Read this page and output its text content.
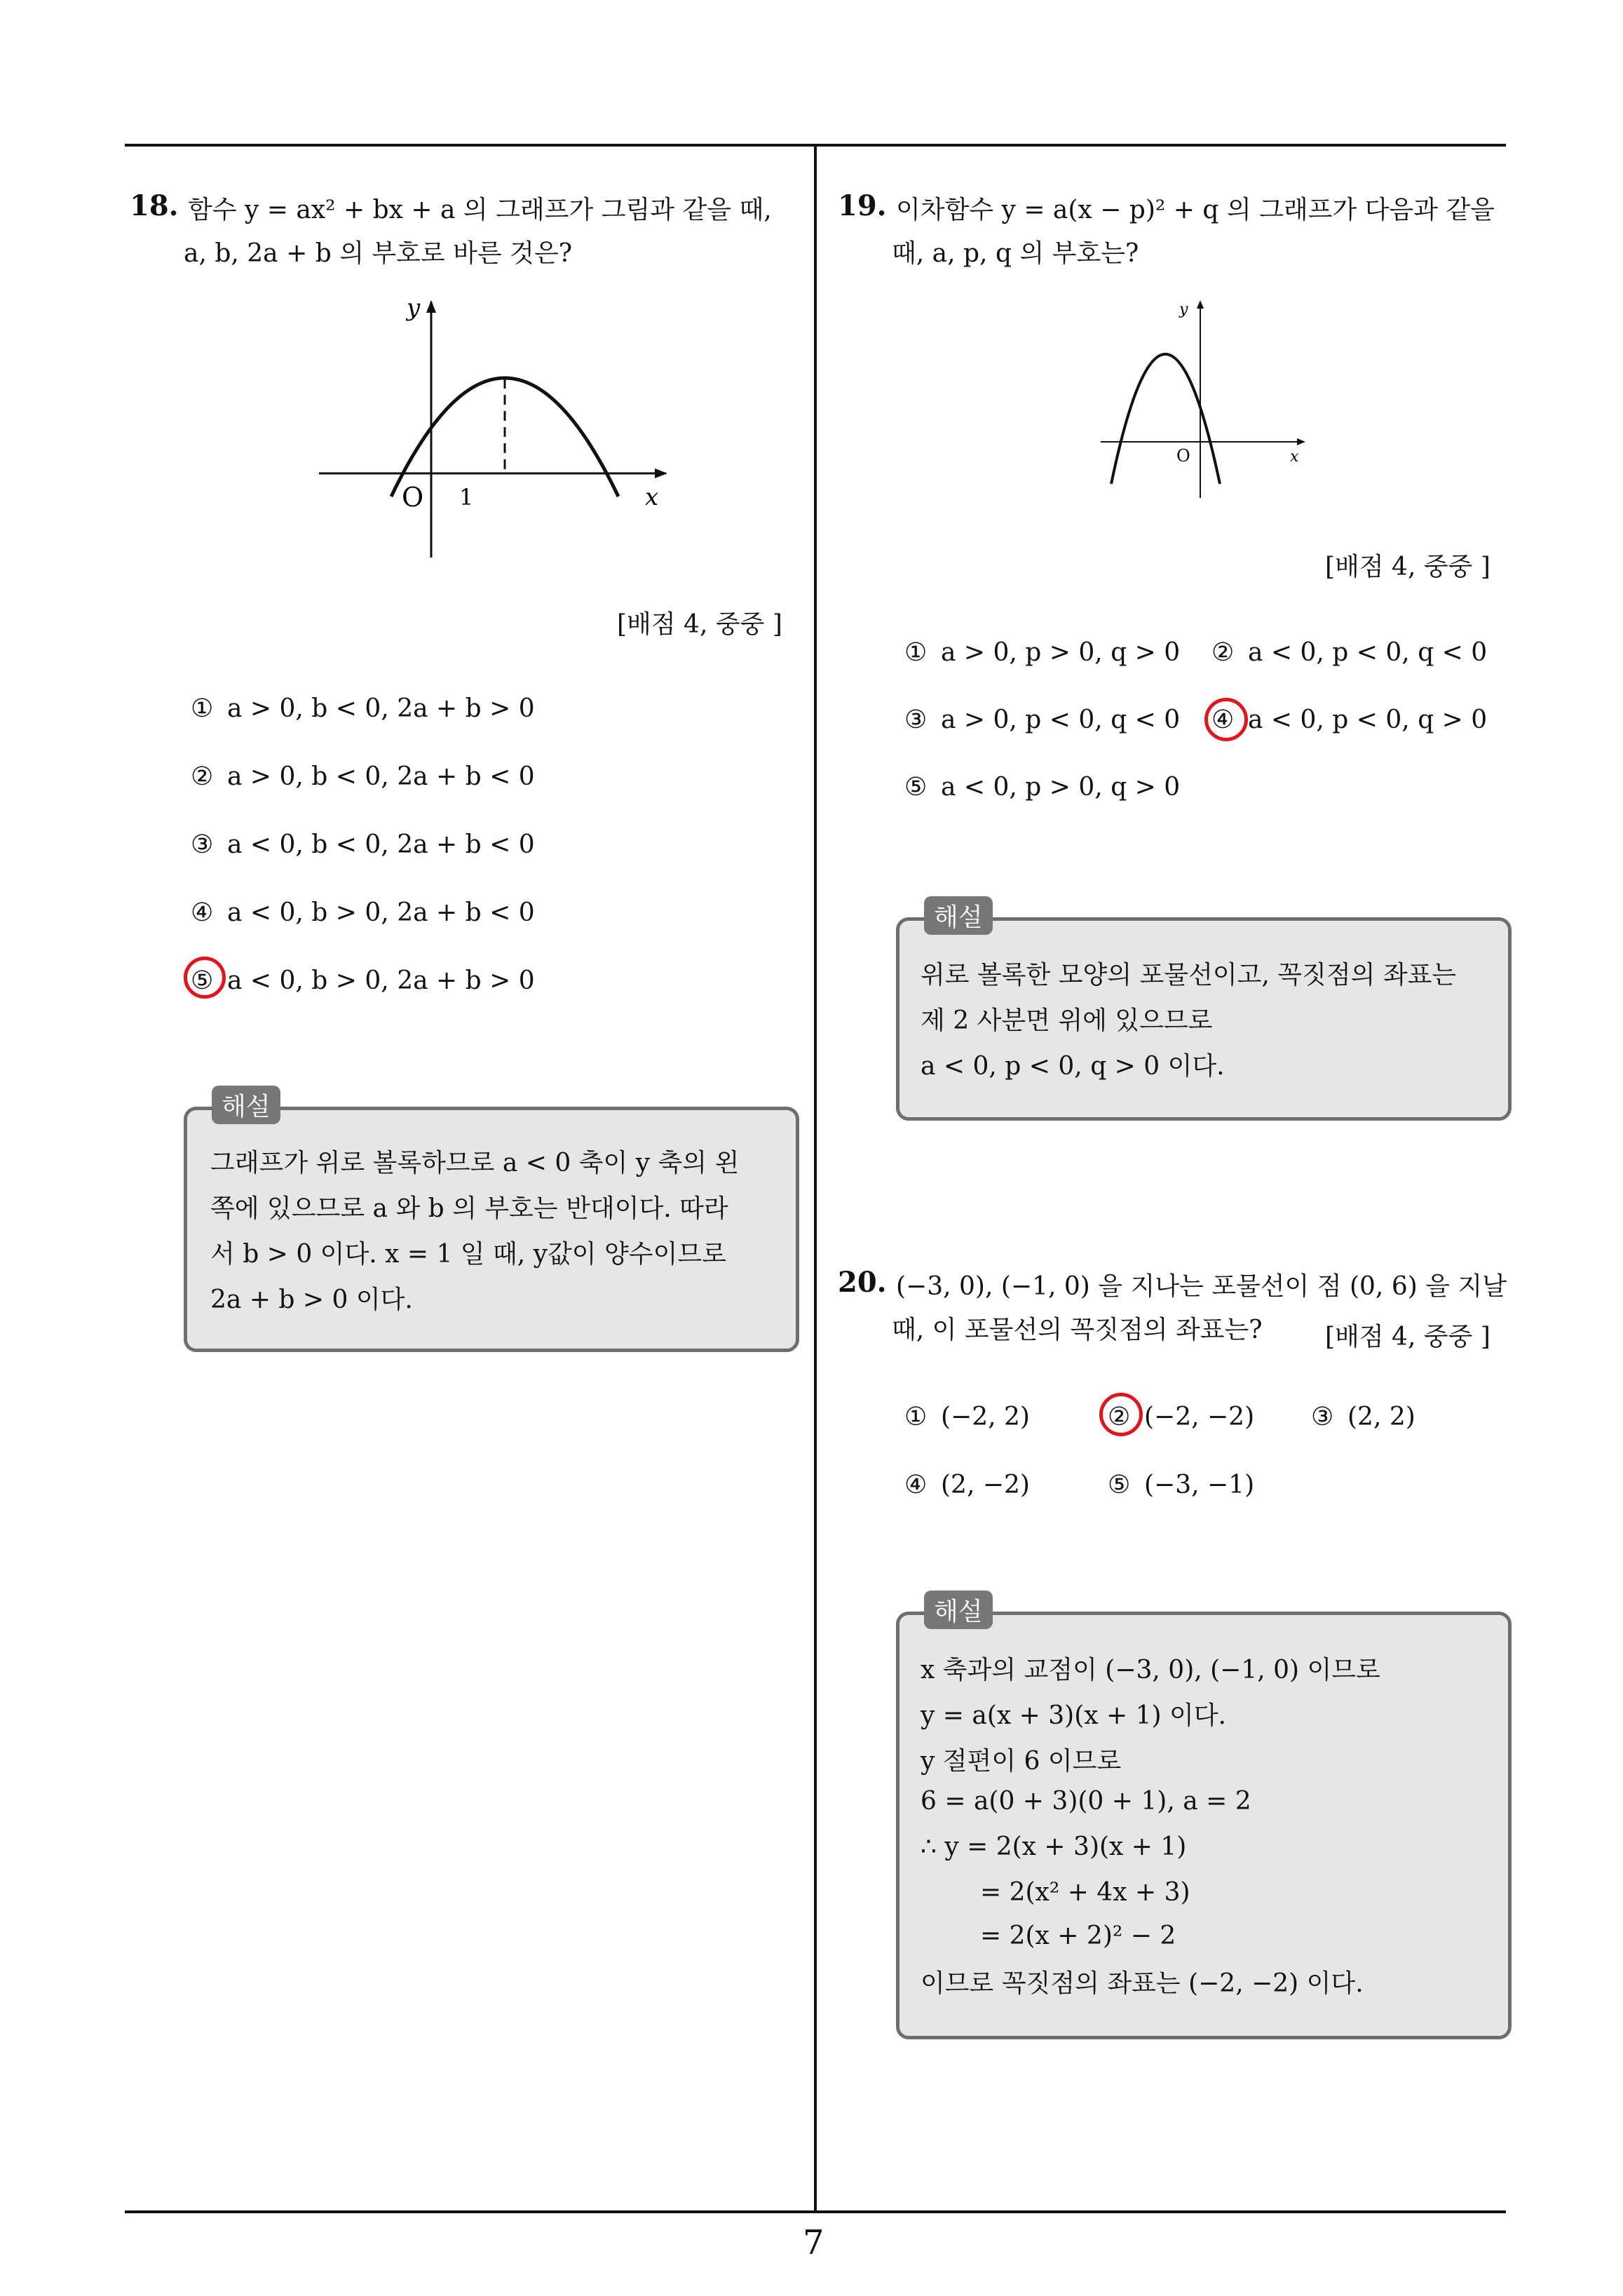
7
18. 함수 y = ax² + bx + a 의 그래프가 그림과 같을 때,
a, b, 2a + b 의 부호로 바른 것은?
y
x
O 1
[배점 4, 중중 ]
① a > 0, b < 0, 2a + b > 0
② a > 0, b < 0, 2a + b < 0
③ a < 0, b < 0, 2a + b < 0
④ a < 0, b > 0, 2a + b < 0
⑤ a < 0, b > 0, 2a + b > 0
해설
그래프가 위로 볼록하므로 a < 0 축이 y 축의 왼
쪽에 있으므로 a 와 b 의 부호는 반대이다. 따라
서 b > 0 이다. x = 1 일 때, y값이 양수이므로
2a + b > 0 이다.
19. 이차함수 y = a(x − p)² + q 의 그래프가 다음과 같을
때, a, p, q 의 부호는?
y
x
O
[배점 4, 중중 ]
① a > 0, p > 0, q > 0 ② a < 0, p < 0, q < 0
③ a > 0, p < 0, q < 0 ④ a < 0, p < 0, q > 0
⑤ a < 0, p > 0, q > 0
해설
위로 볼록한 모양의 포물선이고, 꼭짓점의 좌표는
제 2 사분면 위에 있으므로
a < 0, p < 0, q > 0 이다.
20. (−3, 0), (−1, 0) 을 지나는 포물선이 점 (0, 6) 을 지날
때, 이 포물선의 꼭짓점의 좌표는? [배점 4, 중중 ]
① (−2, 2)	② (−2, −2) ③ (2, 2)
④ (2, −2)	⑤ (−3, −1)
해설
x 축과의 교점이 (−3, 0), (−1, 0) 이므로
y = a(x + 3)(x + 1) 이다.
y 절편이 6 이므로
6 = a(0 + 3)(0 + 1), a = 2
∴ y = 2(x + 3)(x + 1)
= 2(x² + 4x + 3)
= 2(x + 2)² − 2
이므로 꼭짓점의 좌표는 (−2, −2) 이다.
